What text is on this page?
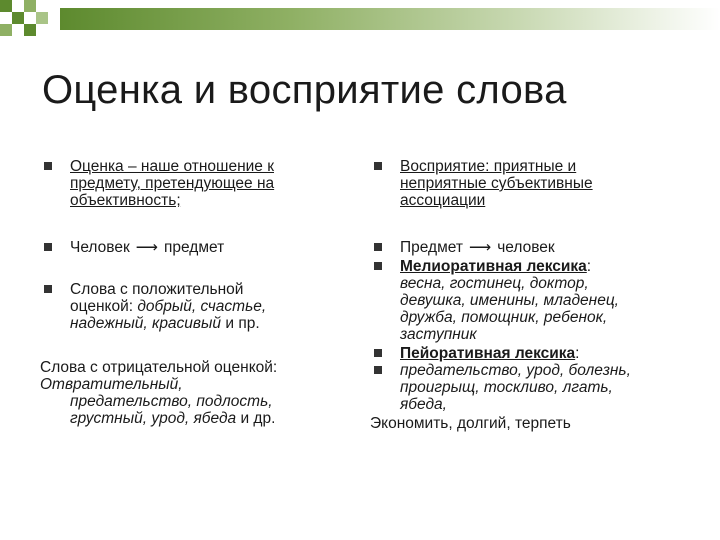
Оценка и восприятие слова
Оценка – наше отношение к
предмету, претендующее на
объективность;
Человек ⟶ предмет
Слова с положительной
оценкой: добрый, счастье,
надежный, красивый и пр.
Слова с отрицательной оценкой:
Отвратительный,
предательство, подлость,
грустный, урод, ябеда и др.
Восприятие: приятные и
неприятные субъективные
ассоциации
Предмет ⟶ человек
Мелиоративная лексика:
весна, гостинец, доктор,
девушка, именины, младенец,
дружба, помощник, ребенок,
заступник
Пейоративная лексика:
предательство, урод, болезнь,
проигрыщ, тоскливо, лгать,
ябеда,
Экономить, долгий, терпеть
